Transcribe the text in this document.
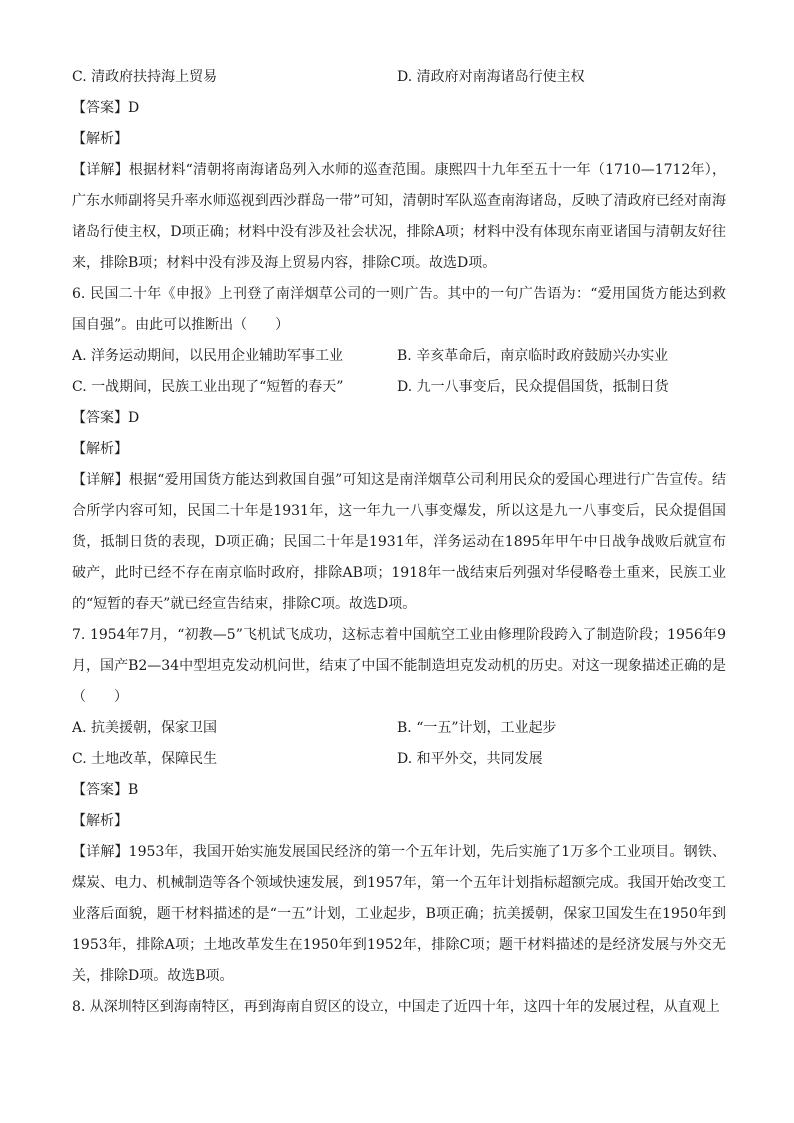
C. 清政府扶持海上贸易	D. 清政府对南海诸岛行使主权
【答案】D
【解析】

【详解】根据材料“清朝将南海诸岛列入水师的巡查范围。康熙四十九年至五十一年（1710—1712年），广东水师副将吴升率水师巡视到西沙群岛一带”可知，清朝时军队巡查南海诸岛，反映了清政府已经对南海诸岛行使主权，D项正确；材料中没有涉及社会状况，排除A项；材料中没有体现东南亚诸国与清朝友好往来，排除B项；材料中没有涉及海上贸易内容，排除C项。故选D项。

6. 民国二十年《申报》上刊登了南洋烟草公司的一则广告。其中的一句广告语为：“爱用国货方能达到救国自强”。由此可以推断出（　　）

A. 洋务运动期间，以民用企业辅助军事工业	B. 辛亥革命后，南京临时政府鼓励兴办实业
C. 一战期间，民族工业出现了“短暂的春天”	D. 九一八事变后，民众提倡国货，抵制日货
【答案】D
【解析】

【详解】根据“爱用国货方能达到救国自强”可知这是南洋烟草公司利用民众的爱国心理进行广告宣传。结合所学内容可知，民国二十年是1931年，这一年九一八事变爆发，所以这是九一八事变后，民众提倡国货，抵制日货的表现，D项正确；民国二十年是1931年，洋务运动在1895年甲午中日战争战败后就宣布破产，此时已经不存在南京临时政府，排除AB项；1918年一战结束后列强对华侵略卷土重来，民族工业的“短暂的春天”就已经宣告结束，排除C项。故选D项。

7. 1954年7月，“初教—5”飞机试飞成功，这标志着中国航空工业由修理阶段跨入了制造阶段；1956年9月，国产B2—34中型坦克发动机问世，结束了中国不能制造坦克发动机的历史。对这一现象描述正确的是（　　）

A. 抗美援朝，保家卫国	B. “一五”计划，工业起步
C. 土地改革，保障民生	D. 和平外交，共同发展
【答案】B
【解析】

【详解】1953年，我国开始实施发展国民经济的第一个五年计划，先后实施了1万多个工业项目。钢铁、煤炭、电力、机械制造等各个领域快速发展，到1957年，第一个五年计划指标超额完成。我国开始改变工业落后面貌，题干材料描述的是“一五”计划，工业起步，B项正确；抗美援朝，保家卫国发生在1950年到1953年，排除A项；土地改革发生在1950年到1952年，排除C项；题干材料描述的是经济发展与外交无关，排除D项。故选B项。

8. 从深圳特区到海南特区，再到海南自贸区的设立，中国走了近四十年，这四十年的发展过程，从直观上
